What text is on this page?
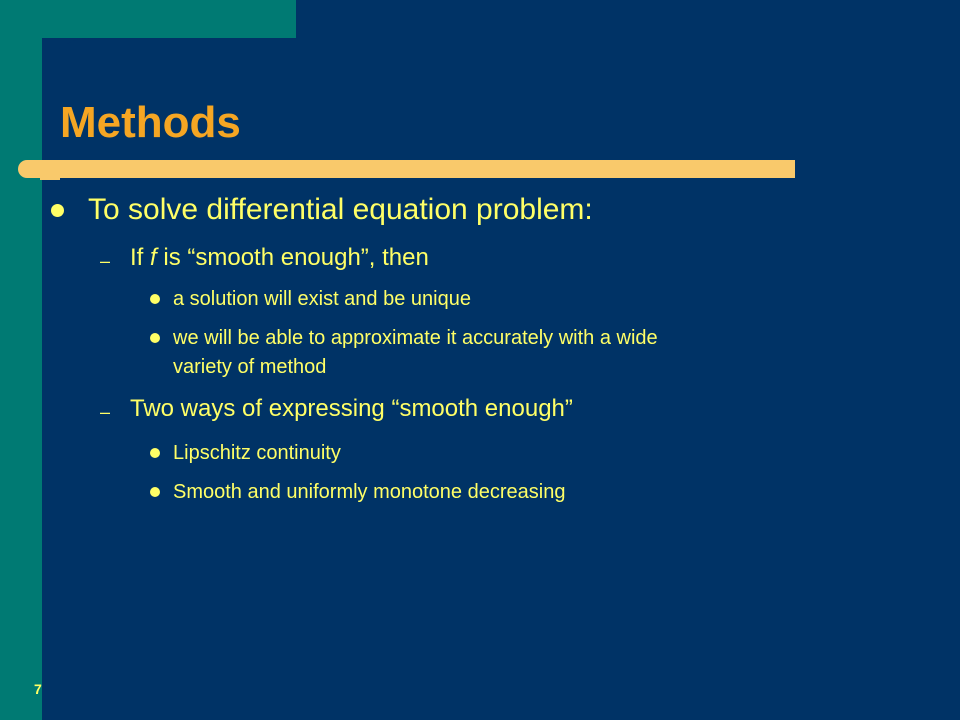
Methods
To solve differential equation problem:
– If f is “smooth enough”, then
a solution will exist and be unique
we will be able to approximate it accurately with a wide
variety of method
– Two ways of expressing “smooth enough”
Lipschitz continuity
Smooth and uniformly monotone decreasing
7
